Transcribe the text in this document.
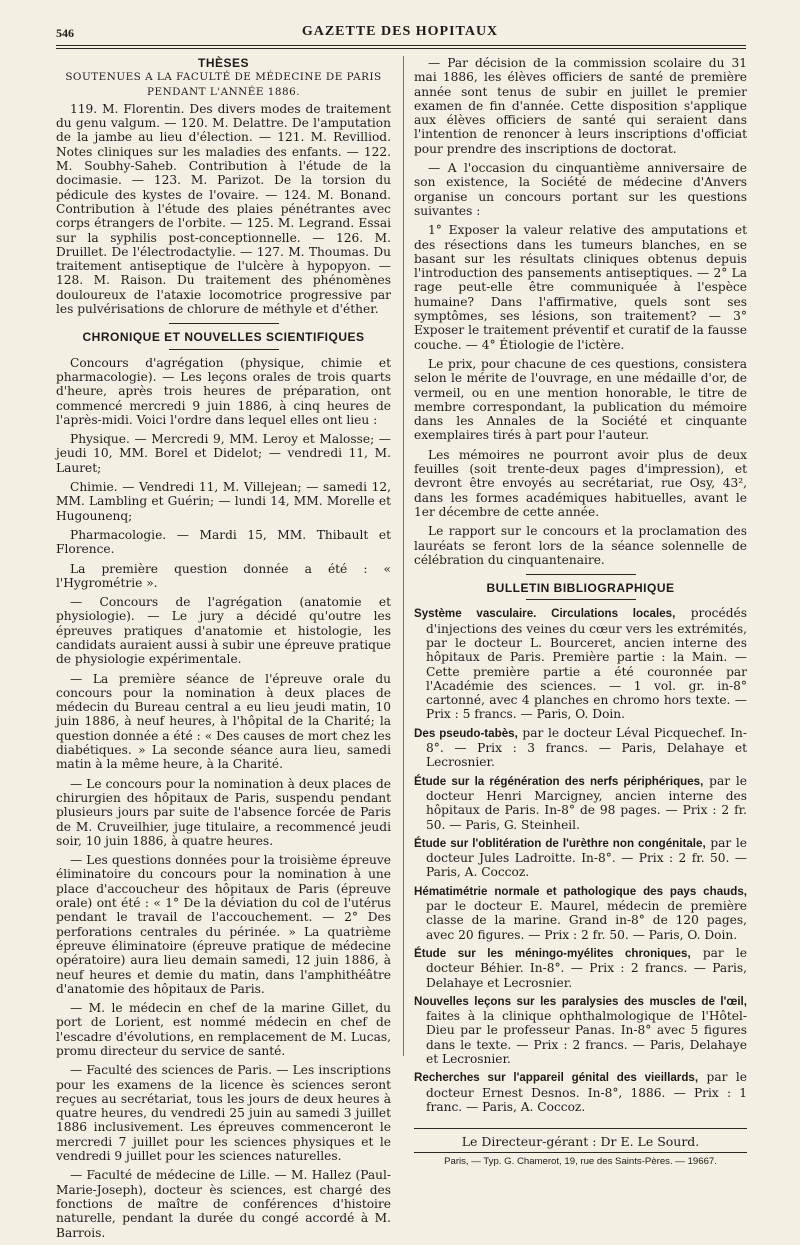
546	GAZETTE DES HOPITAUX
THÈSES
SOUTENUES A LA FACULTÉ DE MÉDECINE DE PARIS
PENDANT L'ANNÉE 1886.

119. M. Florentin. Des divers modes de traitement du genu valgum. — 120. M. Delattre. De l'amputation de la jambe au lieu d'élection. — 121. M. Revilliod. Notes cliniques sur les maladies des enfants. — 122. M. Soubhy-Saheb. Contribution à l'étude de la docimasie. — 123. M. Parizot. De la torsion du pédicule des kystes de l'ovaire. — 124. M. Bonand. Contribution à l'étude des plaies pénétrantes avec corps étrangers de l'orbite. — 125. M. Legrand. Essai sur la syphilis post-conceptionnelle. — 126. M. Druillet. De l'électrodactylie. — 127. M. Thoumas. Du traitement antiseptique de l'ulcère à hypopyon. — 128. M. Raison. Du traitement des phénomènes douloureux de l'ataxie locomotrice progressive par les pulvérisations de chlorure de méthyle et d'éther.

CHRONIQUE ET NOUVELLES SCIENTIFIQUES

Concours d'agrégation (physique, chimie et pharmacologie). — Les leçons orales de trois quarts d'heure, après trois heures de préparation, ont commencé mercredi 9 juin 1886, à cinq heures de l'après-midi. Voici l'ordre dans lequel elles ont lieu :

Physique. — Mercredi 9, MM. Leroy et Malosse; — jeudi 10, MM. Borel et Didelot; — vendredi 11, M. Lauret;

Chimie. — Vendredi 11, M. Villejean; — samedi 12, MM. Lambling et Guérin; — lundi 14, MM. Morelle et Hugounenq;

Pharmacologie. — Mardi 15, MM. Thibault et Florence.

La première question donnée a été : « l'Hygrométrie ».

— Concours de l'agrégation (anatomie et physiologie). — Le jury a décidé qu'outre les épreuves pratiques d'anatomie et histologie, les candidats auraient aussi à subir une épreuve pratique de physiologie expérimentale.

— La première séance de l'épreuve orale du concours pour la nomination à deux places de médecin du Bureau central a eu lieu jeudi matin, 10 juin 1886, à neuf heures, à l'hôpital de la Charité; la question donnée a été : « Des causes de mort chez les diabétiques. » La seconde séance aura lieu, samedi matin à la même heure, à la Charité.

— Le concours pour la nomination à deux places de chirurgien des hôpitaux de Paris, suspendu pendant plusieurs jours par suite de l'absence forcée de Paris de M. Cruveilhier, juge titulaire, a recommencé jeudi soir, 10 juin 1886, à quatre heures.

— Les questions données pour la troisième épreuve éliminatoire du concours pour la nomination à une place d'accoucheur des hôpitaux de Paris (épreuve orale) ont été : « 1° De la déviation du col de l'utérus pendant le travail de l'accouchement. — 2° Des perforations centrales du périnée. » La quatrième épreuve éliminatoire (épreuve pratique de médecine opératoire) aura lieu demain samedi, 12 juin 1886, à neuf heures et demie du matin, dans l'amphithéâtre d'anatomie des hôpitaux de Paris.

— M. le médecin en chef de la marine Gillet, du port de Lorient, est nommé médecin en chef de l'escadre d'évolutions, en remplacement de M. Lucas, promu directeur du service de santé.

— Faculté des sciences de Paris. — Les inscriptions pour les examens de la licence ès sciences seront reçues au secrétariat, tous les jours de deux heures à quatre heures, du vendredi 25 juin au samedi 3 juillet 1886 inclusivement. Les épreuves commenceront le mercredi 7 juillet pour les sciences physiques et le vendredi 9 juillet pour les sciences naturelles.

— Faculté de médecine de Lille. — M. Hallez (Paul-Marie-Joseph), docteur ès sciences, est chargé des fonctions de maître de conférences d'histoire naturelle, pendant la durée du congé accordé à M. Barrois.

— Par décision de la commission scolaire du 31 mai 1886, les élèves officiers de santé de première année sont tenus de subir en juillet le premier examen de fin d'année. Cette disposition s'applique aux élèves officiers de santé qui seraient dans l'intention de renoncer à leurs inscriptions d'officiat pour prendre des inscriptions de doctorat.

— A l'occasion du cinquantième anniversaire de son existence, la Société de médecine d'Anvers organise un concours portant sur les questions suivantes :

1° Exposer la valeur relative des amputations et des résections dans les tumeurs blanches, en se basant sur les résultats cliniques obtenus depuis l'introduction des pansements antiseptiques. — 2° La rage peut-elle être communiquée à l'espèce humaine? Dans l'affirmative, quels sont ses symptômes, ses lésions, son traitement? — 3° Exposer le traitement préventif et curatif de la fausse couche. — 4° Étiologie de l'ictère.

Le prix, pour chacune de ces questions, consistera selon le mérite de l'ouvrage, en une médaille d'or, de vermeil, ou en une mention honorable, le titre de membre correspondant, la publication du mémoire dans les Annales de la Société et cinquante exemplaires tirés à part pour l'auteur.

Les mémoires ne pourront avoir plus de deux feuilles (soit trente-deux pages d'impression), et devront être envoyés au secrétariat, rue Osy, 43², dans les formes académiques habituelles, avant le 1er décembre de cette année.

Le rapport sur le concours et la proclamation des lauréats se feront lors de la séance solennelle de célébration du cinquantenaire.

BULLETIN BIBLIOGRAPHIQUE

Système vasculaire. Circulations locales, procédés d'injections des veines du cœur vers les extrémités, par le docteur L. Bourceret, ancien interne des hôpitaux de Paris. Première partie : la Main. — Cette première partie a été couronnée par l'Académie des sciences. — 1 vol. gr. in-8° cartonné, avec 4 planches en chromo hors texte. — Prix : 5 francs. — Paris, O. Doin.

Des pseudo-tabès, par le docteur Léval Picquechef. In-8°. — Prix : 3 francs. — Paris, Delahaye et Lecrosnier.

Étude sur la régénération des nerfs périphériques, par le docteur Henri Marcigney, ancien interne des hôpitaux de Paris. In-8° de 98 pages. — Prix : 2 fr. 50. — Paris, G. Steinheil.

Étude sur l'oblitération de l'urèthre non congénitale, par le docteur Jules Ladroitte. In-8°. — Prix : 2 fr. 50. — Paris, A. Coccoz.

Hématimétrie normale et pathologique des pays chauds, par le docteur E. Maurel, médecin de première classe de la marine. Grand in-8° de 120 pages, avec 20 figures. — Prix : 2 fr. 50. — Paris, O. Doin.

Étude sur les méningo-myélites chroniques, par le docteur Béhier. In-8°. — Prix : 2 francs. — Paris, Delahaye et Lecrosnier.

Nouvelles leçons sur les paralysies des muscles de l'œil, faites à la clinique ophthalmologique de l'Hôtel-Dieu par le professeur Panas. In-8° avec 5 figures dans le texte. — Prix : 2 francs. — Paris, Delahaye et Lecrosnier.

Recherches sur l'appareil génital des vieillards, par le docteur Ernest Desnos. In-8°, 1886. — Prix : 1 franc. — Paris, A. Coccoz.

Le Directeur-gérant : Dr E. Le Sourd.
Paris, — Typ. G. Chamerot, 19, rue des Saints-Pères. — 19667.
